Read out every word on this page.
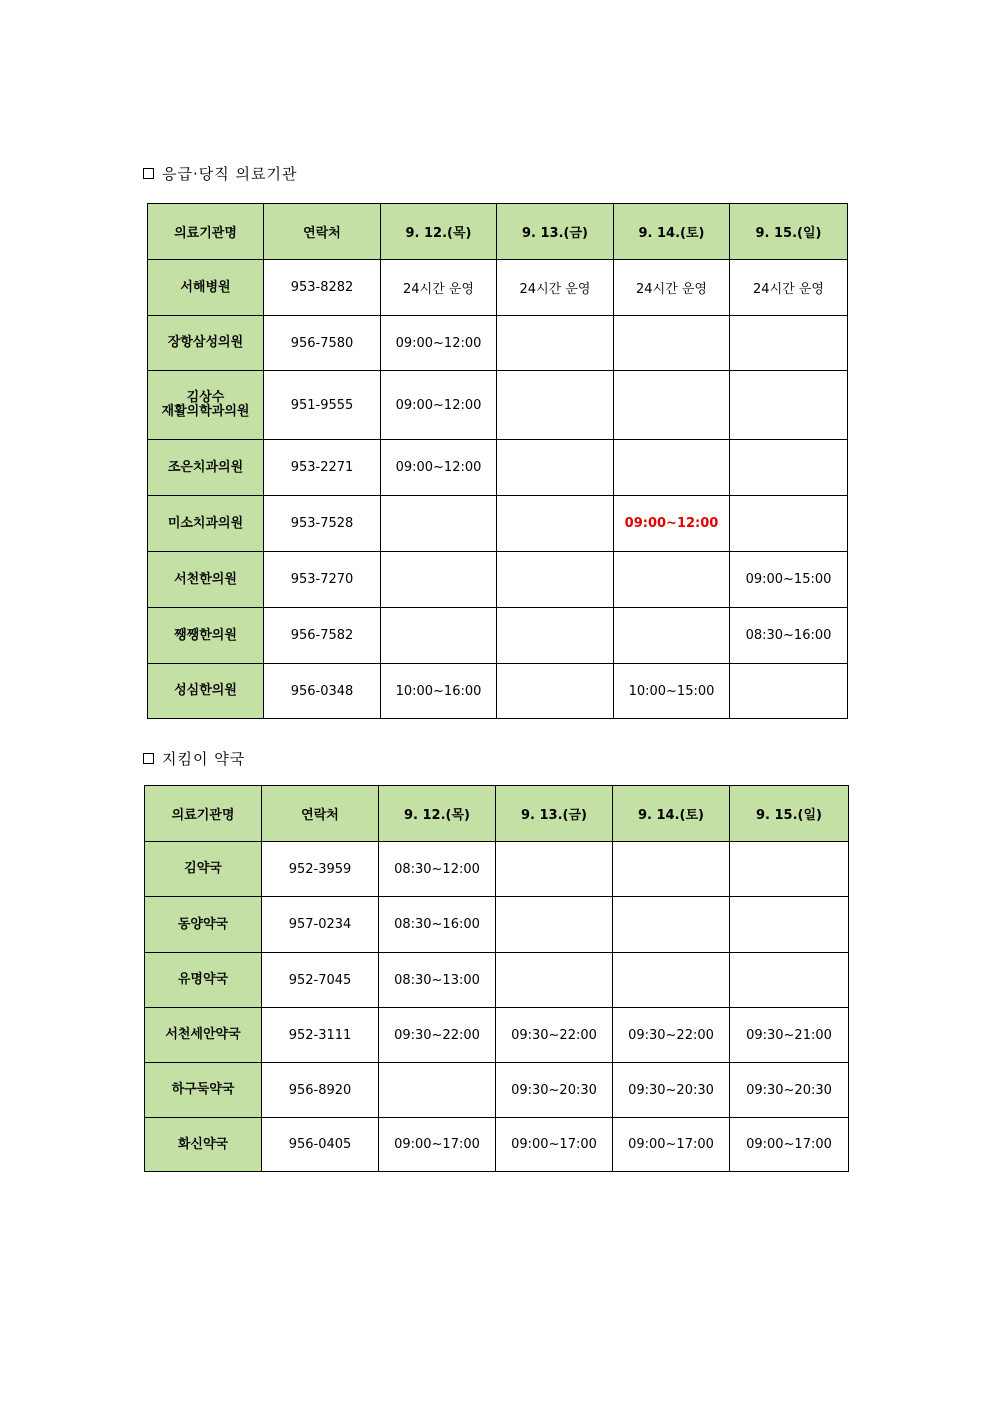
응급·당직 의료기관
의료기관명	연락처	9. 12.(목)	9. 13.(금)	9. 14.(토)	9. 15.(일)
서해병원	953-8282	24시간 운영	24시간 운영	24시간 운영	24시간 운영
장항삼성의원	956-7580	09:00~12:00			
김상수
재활의학과의원	951-9555	09:00~12:00			
조은치과의원	953-2271	09:00~12:00			
미소치과의원	953-7528			09:00~12:00	
서천한의원	953-7270				09:00~15:00
쨍쨍한의원	956-7582				08:30~16:00
성심한의원	956-0348	10:00~16:00		10:00~15:00	
지킴이 약국
의료기관명	연락처	9. 12.(목)	9. 13.(금)	9. 14.(토)	9. 15.(일)
김약국	952-3959	08:30~12:00			
동양약국	957-0234	08:30~16:00			
유명약국	952-7045	08:30~13:00			
서천세안약국	952-3111	09:30~22:00	09:30~22:00	09:30~22:00	09:30~21:00
하구둑약국	956-8920		09:30~20:30	09:30~20:30	09:30~20:30
화신약국	956-0405	09:00~17:00	09:00~17:00	09:00~17:00	09:00~17:00
